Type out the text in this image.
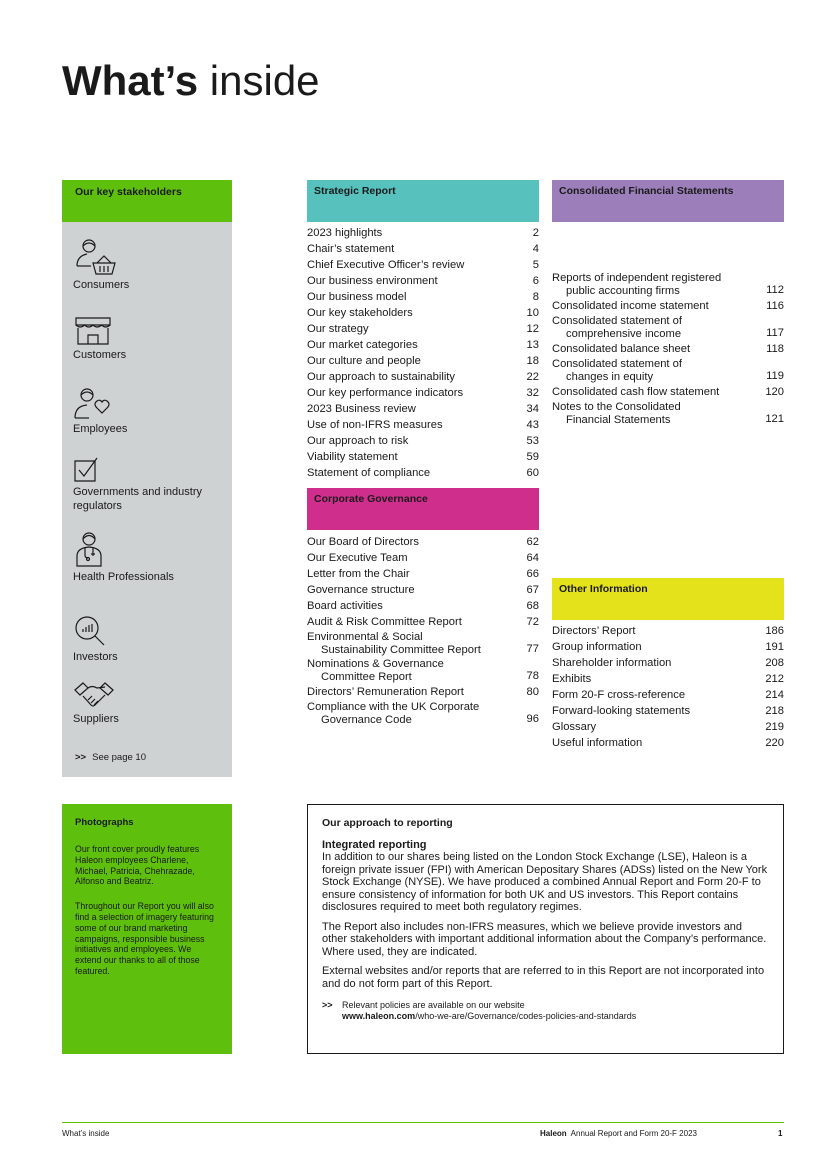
What’s inside
Our key stakeholders
Consumers
Customers
Employees
Governments and industry regulators
Health Professionals
Investors
Suppliers
>> See page 10
Photographs

Our front cover proudly features Haleon employees Charlene, Michael, Patricia, Chehrazade, Alfonso and Beatriz.

Throughout our Report you will also find a selection of imagery featuring some of our brand marketing campaigns, responsible business initiatives and employees. We extend our thanks to all of those featured.

Strategic Report
2023 highlights	2
Chair’s statement	4
Chief Executive Officer’s review	5
Our business environment	6
Our business model	8
Our key stakeholders	10
Our strategy	12
Our market categories	13
Our culture and people	18
Our approach to sustainability	22
Our key performance indicators	32
2023 Business review	34
Use of non-IFRS measures	43
Our approach to risk	53
Viability statement	59
Statement of compliance	60
Corporate Governance
Our Board of Directors	62
Our Executive Team	64
Letter from the Chair	66
Governance structure	67
Board activities	68
Audit & Risk Committee Report	72
Environmental & Social
Sustainability Committee Report	77
Nominations & Governance
Committee Report	78
Directors’ Remuneration Report	80
Compliance with the UK Corporate
Governance Code	96
Consolidated Financial Statements
Reports of independent registered
public accounting firms	112
Consolidated income statement	116
Consolidated statement of
comprehensive income	117
Consolidated balance sheet	118
Consolidated statement of
changes in equity	119
Consolidated cash flow statement	120
Notes to the Consolidated
Financial Statements	121
Other Information
Directors’ Report	186
Group information	191
Shareholder information	208
Exhibits	212
Form 20-F cross-reference	214
Forward-looking statements	218
Glossary	219
Useful information	220
Our approach to reporting
Integrated reporting

In addition to our shares being listed on the London Stock Exchange (LSE), Haleon is a foreign private issuer (FPI) with American Depositary Shares (ADSs) listed on the New York Stock Exchange (NYSE). We have produced a combined Annual Report and Form 20-F to ensure consistency of information for both UK and US investors. This Report contains disclosures required to meet both regulatory regimes.

The Report also includes non-IFRS measures, which we believe provide investors and other stakeholders with important additional information about the Company’s performance. Where used, they are indicated.

External websites and/or reports that are referred to in this Report are not incorporated into and do not form part of this Report.

>>	Relevant policies are available on our website
www.haleon.com/who-we-are/Governance/codes-policies-and-standards
What’s inside	Haleon Annual Report and Form 20-F 2023	1
